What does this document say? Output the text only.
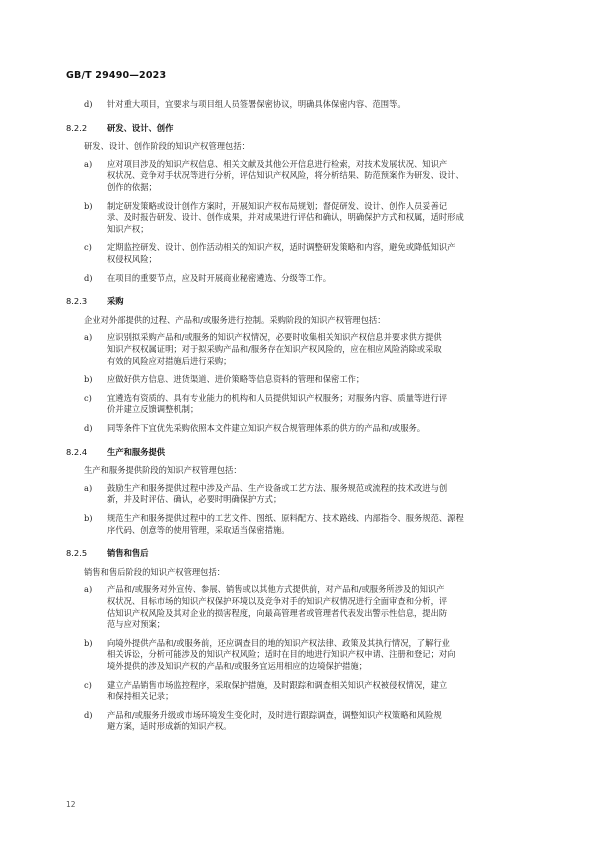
GB/T 29490—2023
d) 针对重大项目，宜要求与项目组人员签署保密协议，明确具体保密内容、范围等。
8.2.2 研发、设计、创作
研发、设计、创作阶段的知识产权管理包括：
a) 应对项目涉及的知识产权信息、相关文献及其他公开信息进行检索，对技术发展状况、知识产
权状况、竞争对手状况等进行分析，评估知识产权风险，将分析结果、防范预案作为研发、设计、
创作的依据；
b) 制定研发策略或设计创作方案时，开展知识产权布局规划；督促研发、设计、创作人员妥善记
录、及时报告研发、设计、创作成果，并对成果进行评估和确认，明确保护方式和权属，适时形成
知识产权；
c) 定期监控研发、设计、创作活动相关的知识产权，适时调整研发策略和内容，避免或降低知识产
权侵权风险；
d) 在项目的重要节点，应及时开展商业秘密遴选、分级等工作。
8.2.3 采购
企业对外部提供的过程、产品和/或服务进行控制。采购阶段的知识产权管理包括：
a) 应识别拟采购产品和/或服务的知识产权情况，必要时收集相关知识产权信息并要求供方提供
知识产权权属证明；对于拟采购产品和/服务存在知识产权风险的，应在相应风险消除或采取
有效的风险应对措施后进行采购；
b) 应做好供方信息、进货渠道、进价策略等信息资料的管理和保密工作；
c) 宜遴选有资质的、具有专业能力的机构和人员提供知识产权服务；对服务内容、质量等进行评
价并建立反馈调整机制；
d) 同等条件下宜优先采购依照本文件建立知识产权合规管理体系的供方的产品和/或服务。
8.2.4 生产和服务提供
生产和服务提供阶段的知识产权管理包括：
a) 鼓励生产和服务提供过程中涉及产品、生产设备或工艺方法、服务规范或流程的技术改进与创
新，并及时评估、确认，必要时明确保护方式；
b) 规范生产和服务提供过程中的工艺文件、图纸、原料配方、技术路线、内部指令、服务规范、源程
序代码、创意等的使用管理，采取适当保密措施。
8.2.5 销售和售后
销售和售后阶段的知识产权管理包括：
a) 产品和/或服务对外宣传、参展、销售或以其他方式提供前，对产品和/或服务所涉及的知识产
权状况、目标市场的知识产权保护环境以及竞争对手的知识产权情况进行全面审查和分析，评
估知识产权风险及其对企业的损害程度，向最高管理者或管理者代表发出警示性信息，提出防
范与应对预案；
b) 向境外提供产品和/或服务前，还应调查目的地的知识产权法律、政策及其执行情况，了解行业
相关诉讼，分析可能涉及的知识产权风险；适时在目的地进行知识产权申请、注册和登记；对向
境外提供的涉及知识产权的产品和/或服务宜运用相应的边境保护措施；
c) 建立产品销售市场监控程序，采取保护措施，及时跟踪和调查相关知识产权被侵权情况，建立
和保持相关记录；
d) 产品和/或服务升级或市场环境发生变化时，及时进行跟踪调查，调整知识产权策略和风险规
避方案，适时形成新的知识产权。
12
